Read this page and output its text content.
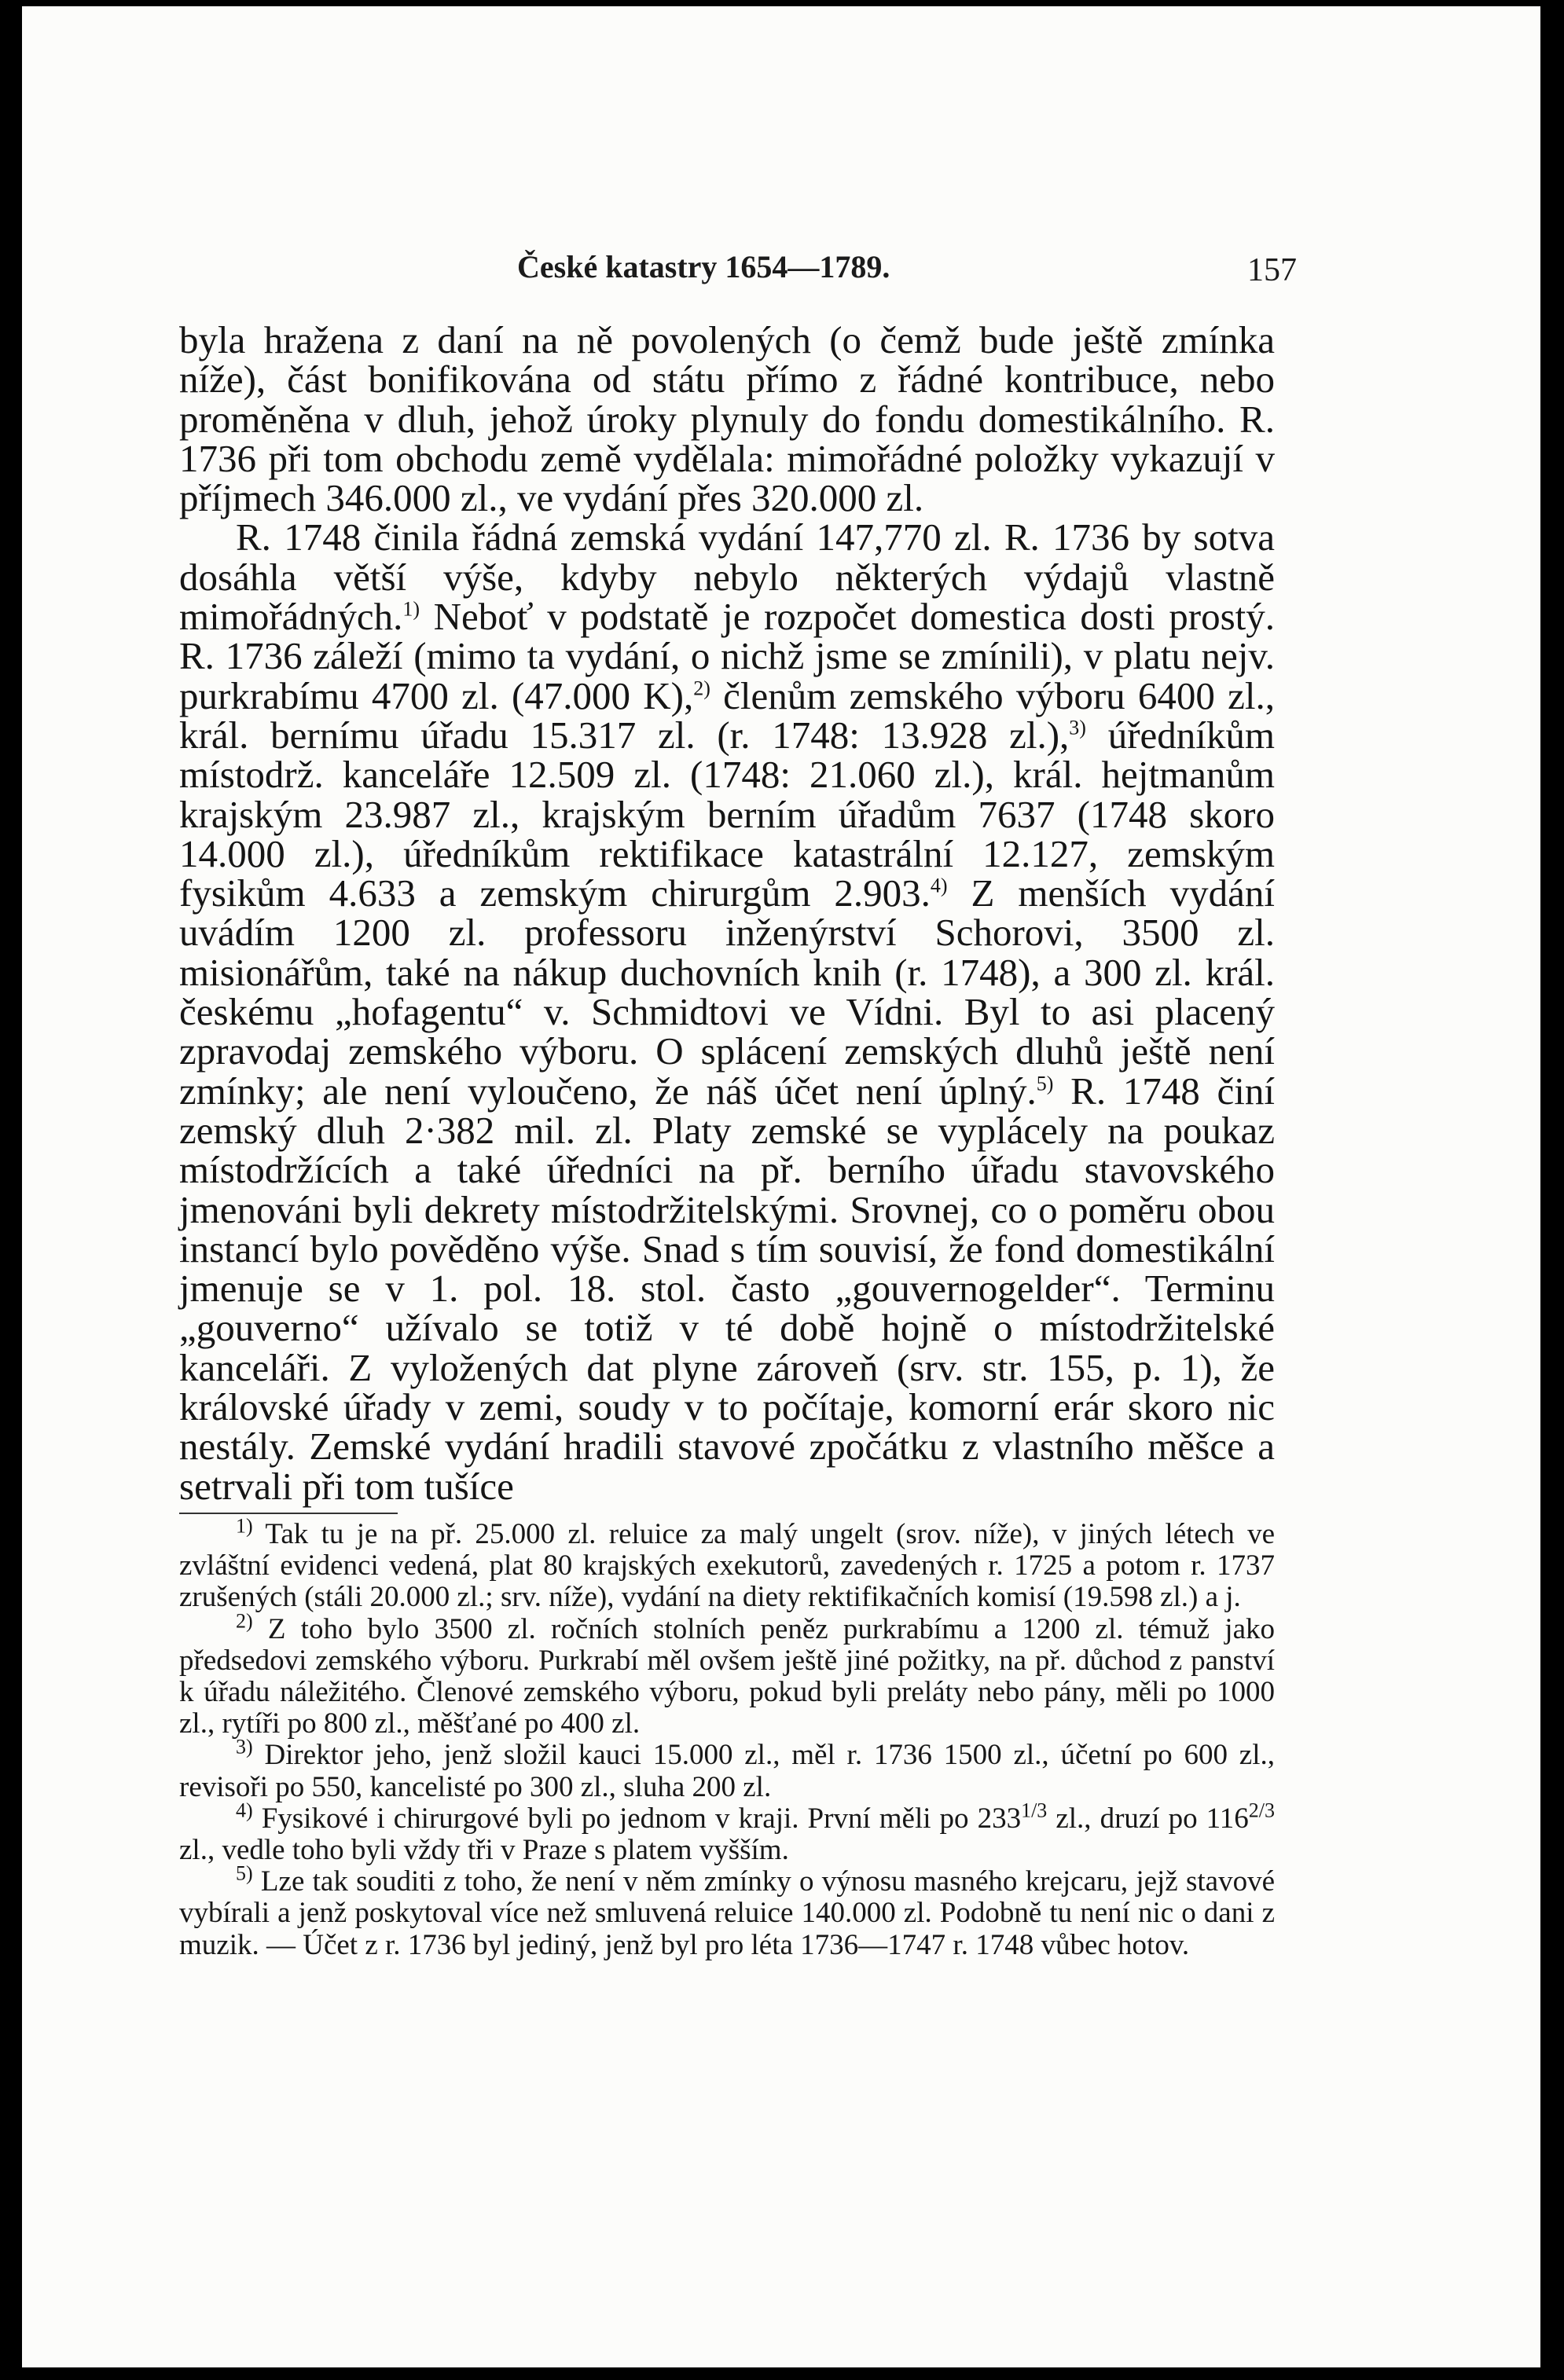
České katastry 1654—1789.	157

byla hražena z daní na ně povolených (o čemž bude ještě zmínka níže), část bonifikována od státu přímo z řádné kontribuce, nebo proměněna v dluh, jehož úroky plynuly do fondu domestikálního. R. 1736 při tom obchodu země vydělala: mimořádné položky vykazují v příjmech 346.000 zl., ve vydání přes 320.000 zl.

R. 1748 činila řádná zemská vydání 147,770 zl. R. 1736 by sotva dosáhla větší výše, kdyby nebylo některých výdajů vlastně mimořádných.$^{1)}$ Neboť v podstatě je rozpočet domestica dosti prostý. R. 1736 záleží (mimo ta vydání, o nichž jsme se zmínili), v platu nejv. purkrabímu 4700 zl. (47.000 K),$^{2)}$ členům zemského výboru 6400 zl., král. bernímu úřadu 15.317 zl. (r. 1748: 13.928 zl.),$^{3)}$ úředníkům místodrž. kanceláře 12.509 zl. (1748: 21.060 zl.), král. hejtmanům krajským 23.987 zl., krajským berním úřadům 7637 (1748 skoro 14.000 zl.), úředníkům rektifikace katastrální 12.127, zemským fysikům 4.633 a zemským chirurgům 2.903.$^{4)}$ Z menších vydání uvádím 1200 zl. professoru inženýrství Schorovi, 3500 zl. misionářům, také na nákup duchovních knih (r. 1748), a 300 zl. král. českému „hofagentu“ v. Schmidtovi ve Vídni. Byl to asi placený zpravodaj zemského výboru. O splácení zemských dluhů ještě není zmínky; ale není vyloučeno, že náš účet není úplný.$^{5)}$ R. 1748 činí zemský dluh 2·382 mil. zl. Platy zemské se vyplácely na poukaz místodržících a také úředníci na př. berního úřadu stavovského jmenováni byli dekrety místodržitelskými. Srovnej, co o poměru obou instancí bylo pověděno výše. Snad s tím souvisí, že fond domestikální jmenuje se v 1. pol. 18. stol. často „gouvernogelder“. Terminu „gouverno“ užívalo se totiž v té době hojně o místodržitelské kanceláři. Z vyložených dat plyne zároveň (srv. str. 155, p. 1), že královské úřady v zemi, soudy v to počítaje, komorní erár skoro nic nestály. Zemské vydání hradili stavové zpočátku z vlastního měšce a setrvali při tom tušíce

$^{1)}$ Tak tu je na př. 25.000 zl. reluice za malý ungelt (srov. níže), v jiných létech ve zvláštní evidenci vedená, plat 80 krajských exekutorů, zavedených r. 1725 a potom r. 1737 zrušených (stáli 20.000 zl.; srv. níže), vydání na diety rektifikačních komisí (19.598 zl.) a j.

$^{2)}$ Z toho bylo 3500 zl. ročních stolních peněz purkrabímu a 1200 zl. témuž jako předsedovi zemského výboru. Purkrabí měl ovšem ještě jiné požitky, na př. důchod z panství k úřadu náležitého. Členové zemského výboru, pokud byli preláty nebo pány, měli po 1000 zl., rytíři po 800 zl., měšťané po 400 zl.

$^{3)}$ Direktor jeho, jenž složil kauci 15.000 zl., měl r. 1736 1500 zl., účetní po 600 zl., revisoři po 550, kancelisté po 300 zl., sluha 200 zl.

$^{4)}$ Fysikové i chirurgové byli po jednom v kraji. První měli po 233$^{1/3}$ zl., druzí po 116$^{2/3}$ zl., vedle toho byli vždy tři v Praze s platem vyšším.

$^{5)}$ Lze tak souditi z toho, že není v něm zmínky o výnosu masného krejcaru, jejž stavové vybírali a jenž poskytoval více než smluvená reluice 140.000 zl. Podobně tu není nic o dani z muzik. — Účet z r. 1736 byl jediný, jenž byl pro léta 1736—1747 r. 1748 vůbec hotov.
